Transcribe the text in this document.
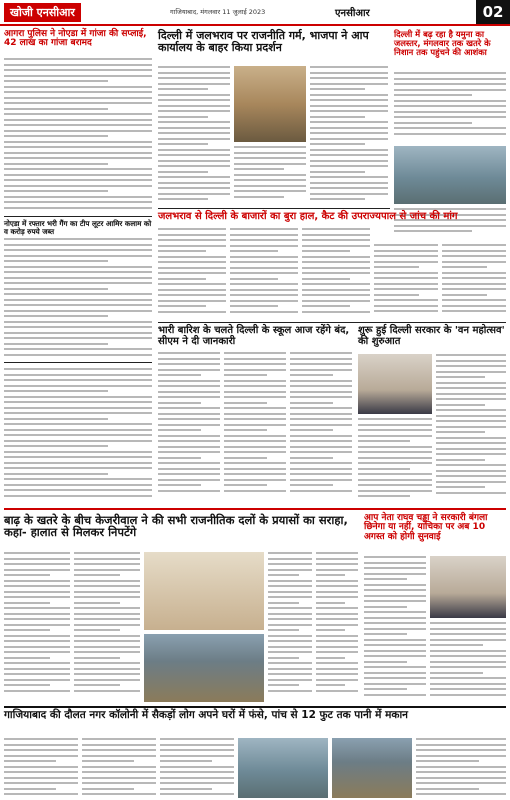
खोजी एनसीआर	गाजियाबाद, मंगलवार 11 जुलाई 2023	एनसीआर	02
आगरा पुलिस ने नोएडा में गांजा की सप्लाई, 42 लाख का गांजा बरामद
नोएडा में रफ्तार भरी गैंग का टीप लूटर आमिर कलाम को व करोड़ रुपये जब्त
दिल्ली में जलभराव पर राजनीति गर्म, भाजपा ने आप कार्यालय के बाहर किया प्रदर्शन
दिल्ली में बढ़ रहा है यमुना का जलस्तर, मंगलवार तक खतरे के निशान तक पहुंचने की आशंका
जलभराव से दिल्ली के बाजारों का बुरा हाल, कैट की उपराज्यपाल से जांच की मांग
भारी बारिश के चलते दिल्ली के स्कूल आज रहेंगे बंद, सीएम ने दी जानकारी
शुरू हुई दिल्ली सरकार के 'वन महोत्सव' की शुरुआत
बाढ़ के खतरे के बीच केजरीवाल ने की सभी राजनीतिक दलों के प्रयासों का सराहा, कहा- हालात से मिलकर निपटेंगे
आप नेता राघव चड्ढा ने सरकारी बंगला छिनेगा या नहीं, याचिका पर अब 10 अगस्त को होगी सुनवाई
गाजियाबाद की दौलत नगर कॉलोनी में सैकड़ों लोग अपने घरों में फंसे, पांच से 12 फुट तक पानी में मकान
